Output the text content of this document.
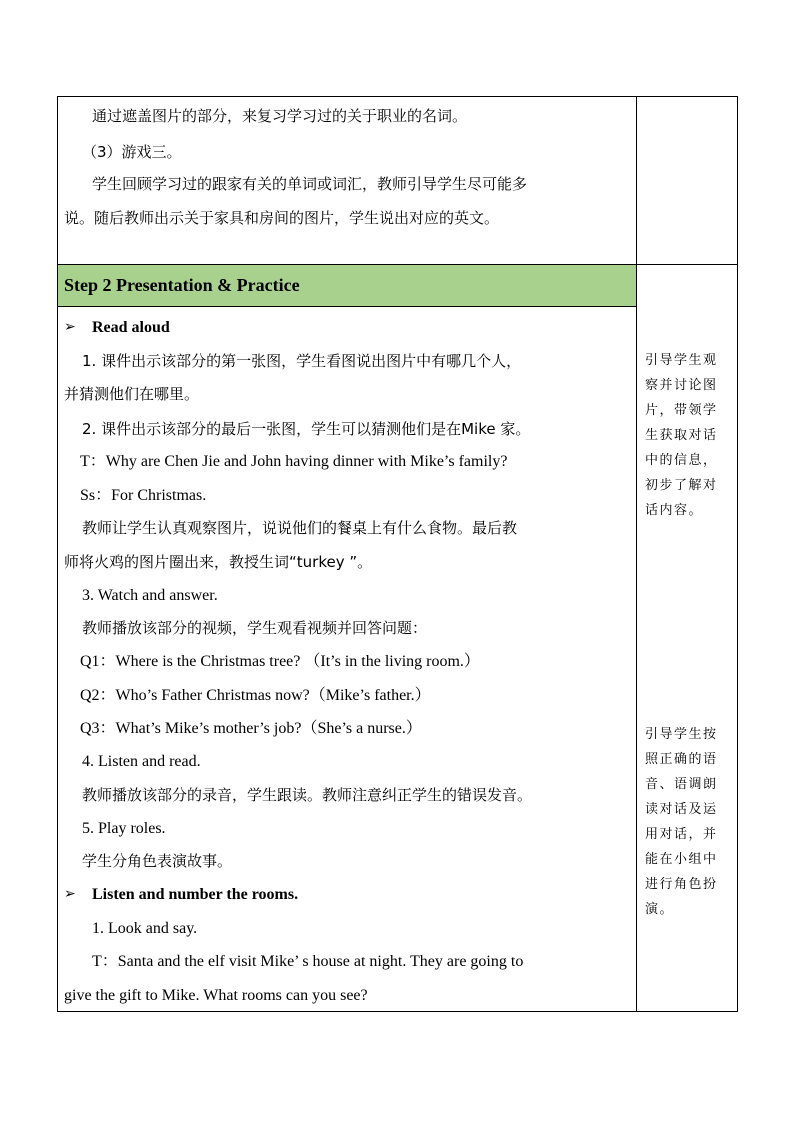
通过遮盖图片的部分，来复习学习过的关于职业的名词。
（3）游戏三。
学生回顾学习过的跟家有关的单词或词汇，教师引导学生尽可能多
说。随后教师出示关于家具和房间的图片，学生说出对应的英文。
Step 2 Presentation & Practice
➢ Read aloud
1. 课件出示该部分的第一张图，学生看图说出图片中有哪几个人，
并猜测他们在哪里。
2. 课件出示该部分的最后一张图，学生可以猜测他们是在Mike 家。
T：Why are Chen Jie and John having dinner with Mike’s family?
Ss：For Christmas.
教师让学生认真观察图片，说说他们的餐桌上有什么食物。最后教
师将火鸡的图片圈出来，教授生词“turkey ”。
3. Watch and answer.
教师播放该部分的视频，学生观看视频并回答问题：
Q1：Where is the Christmas tree? （It’s in the living room.）
Q2：Who’s Father Christmas now?（Mike’s father.）
Q3：What’s Mike’s mother’s job?（She’s a nurse.）
4. Listen and read.
教师播放该部分的录音，学生跟读。教师注意纠正学生的错误发音。
5. Play roles.
学生分角色表演故事。
➢ Listen and number the rooms.
1. Look and say.
T：Santa and the elf visit Mike’ s house at night. They are going to
give the gift to Mike. What rooms can you see?
引导学生观
察并讨论图
片，带领学
生获取对话
中的信息，
初步了解对
话内容。
引导学生按
照正确的语
音、语调朗
读对话及运
用对话，并
能在小组中
进行角色扮
演。
